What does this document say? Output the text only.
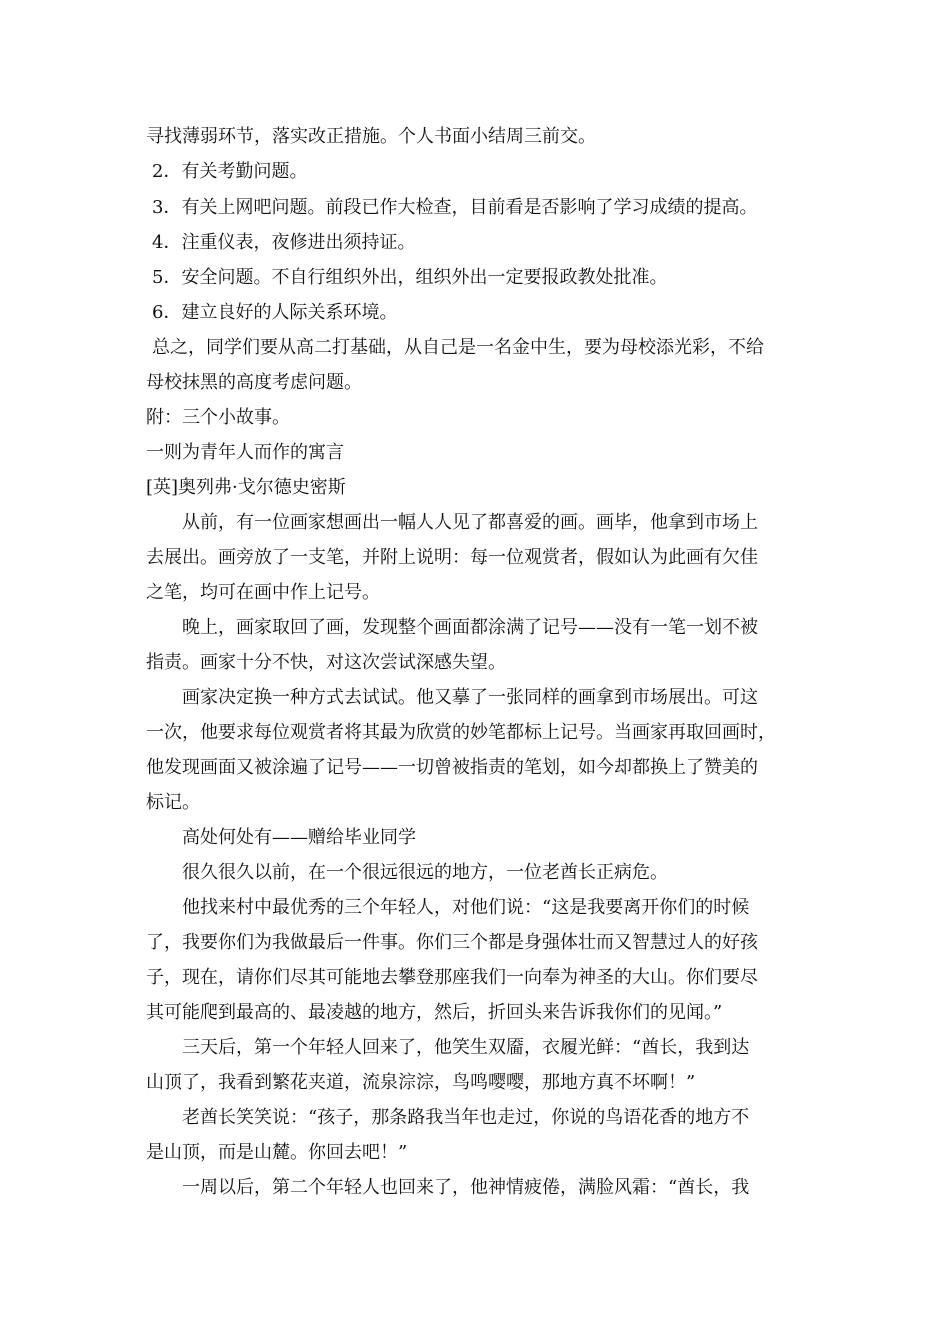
寻找薄弱环节，落实改正措施。个人书面小结周三前交。
2．有关考勤问题。
3．有关上网吧问题。前段已作大检查，目前看是否影响了学习成绩的提高。
4．注重仪表，夜修进出须持证。
5．安全问题。不自行组织外出，组织外出一定要报政教处批准。
6．建立良好的人际关系环境。
总之，同学们要从高二打基础，从自己是一名金中生，要为母校添光彩，不给
母校抹黑的高度考虑问题。
附：三个小故事。
一则为青年人而作的寓言
[英]奥列弗·戈尔德史密斯
从前，有一位画家想画出一幅人人见了都喜爱的画。画毕，他拿到市场上
去展出。画旁放了一支笔，并附上说明：每一位观赏者，假如认为此画有欠佳
之笔，均可在画中作上记号。
晚上，画家取回了画，发现整个画面都涂满了记号——没有一笔一划不被
指责。画家十分不快，对这次尝试深感失望。
画家决定换一种方式去试试。他又摹了一张同样的画拿到市场展出。可这
一次，他要求每位观赏者将其最为欣赏的妙笔都标上记号。当画家再取回画时，
他发现画面又被涂遍了记号——一切曾被指责的笔划，如今却都换上了赞美的
标记。
高处何处有——赠给毕业同学
很久很久以前，在一个很远很远的地方，一位老酋长正病危。
他找来村中最优秀的三个年轻人，对他们说：“这是我要离开你们的时候
了，我要你们为我做最后一件事。你们三个都是身强体壮而又智慧过人的好孩
子，现在，请你们尽其可能地去攀登那座我们一向奉为神圣的大山。你们要尽
其可能爬到最高的、最凌越的地方，然后，折回头来告诉我你们的见闻。”
三天后，第一个年轻人回来了，他笑生双靥，衣履光鲜：“酋长，我到达
山顶了，我看到繁花夹道，流泉淙淙，鸟鸣嘤嘤，那地方真不坏啊！”
老酋长笑笑说：“孩子，那条路我当年也走过，你说的鸟语花香的地方不
是山顶，而是山麓。你回去吧！”
一周以后，第二个年轻人也回来了，他神情疲倦，满脸风霜：“酋长，我
